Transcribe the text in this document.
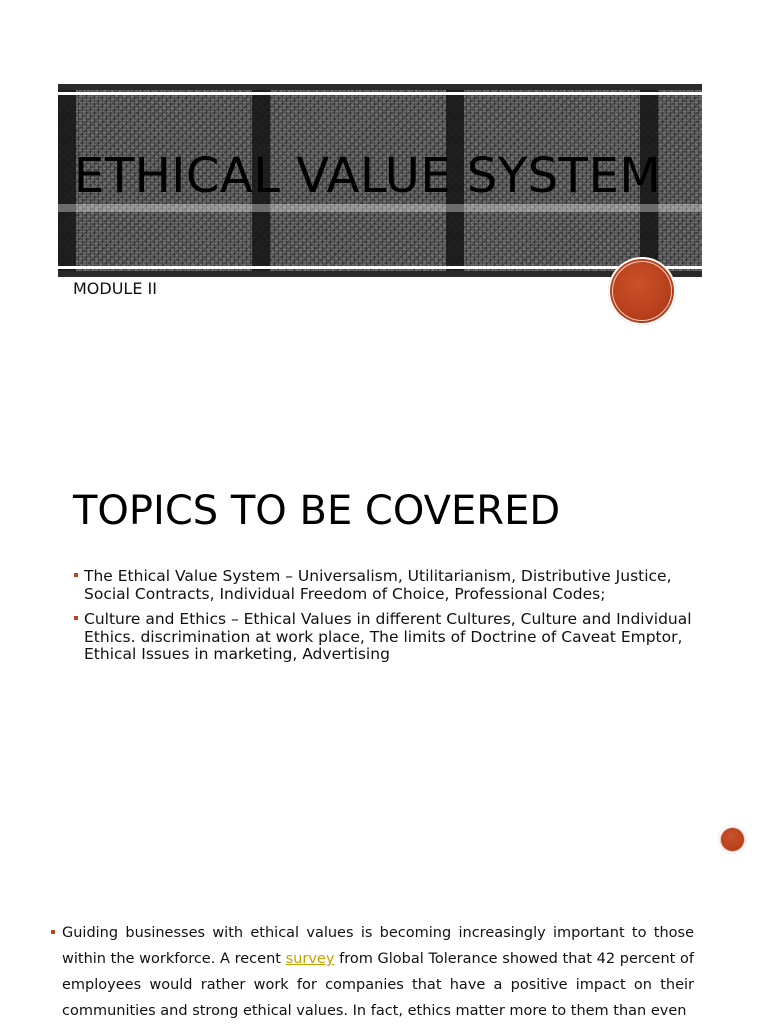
ETHICAL VALUE SYSTEM

MODULE II

TOPICS TO BE COVERED
The Ethical Value System – Universalism, Utilitarianism, Distributive Justice, Social Contracts, Individual Freedom of Choice, Professional Codes;
Culture and Ethics – Ethical Values in different Cultures, Culture and Individual Ethics. discrimination at work place, The limits of Doctrine of Caveat Emptor, Ethical Issues in marketing, Advertising

Guiding businesses with ethical values is becoming increasingly important to those within the workforce. A recent survey from Global Tolerance showed that 42 percent of employees would rather work for companies that have a positive impact on their communities and strong ethical values. In fact, ethics matter more to them than even
